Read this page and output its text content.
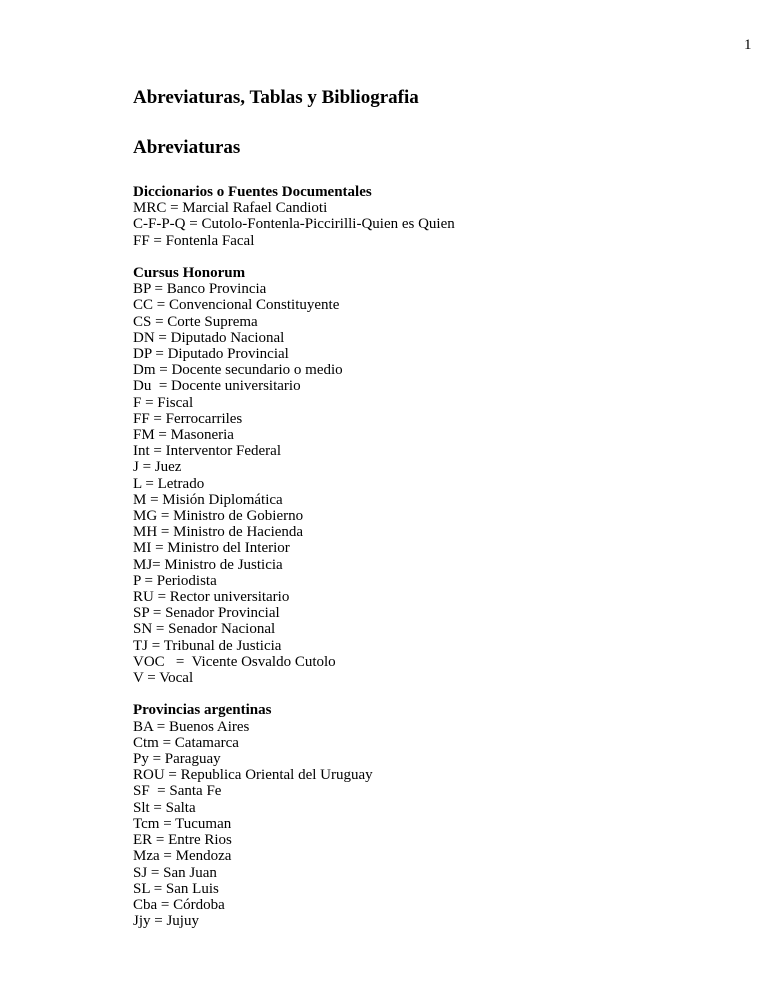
1
Abreviaturas, Tablas y Bibliografia
Abreviaturas
Diccionarios o Fuentes Documentales
MRC = Marcial Rafael Candioti
C-F-P-Q = Cutolo-Fontenla-Piccirilli-Quien es Quien
FF = Fontenla Facal
Cursus Honorum
BP = Banco Provincia
CC = Convencional Constituyente
CS = Corte Suprema
DN = Diputado Nacional
DP = Diputado Provincial
Dm = Docente secundario o medio
Du  = Docente universitario
F = Fiscal
FF = Ferrocarriles
FM = Masoneria
Int = Interventor Federal
J = Juez
L = Letrado
M = Misión Diplomática
MG = Ministro de Gobierno
MH = Ministro de Hacienda
MI = Ministro del Interior
MJ= Ministro de Justicia
P = Periodista
RU = Rector universitario
SP = Senador Provincial
SN = Senador Nacional
TJ = Tribunal de Justicia
VOC   =  Vicente Osvaldo Cutolo
V = Vocal
Provincias argentinas
BA = Buenos Aires
Ctm = Catamarca
Py = Paraguay
ROU = Republica Oriental del Uruguay
SF  = Santa Fe
Slt = Salta
Tcm = Tucuman
ER = Entre Rios
Mza = Mendoza
SJ = San Juan
SL = San Luis
Cba = Córdoba
Jjy = Jujuy
